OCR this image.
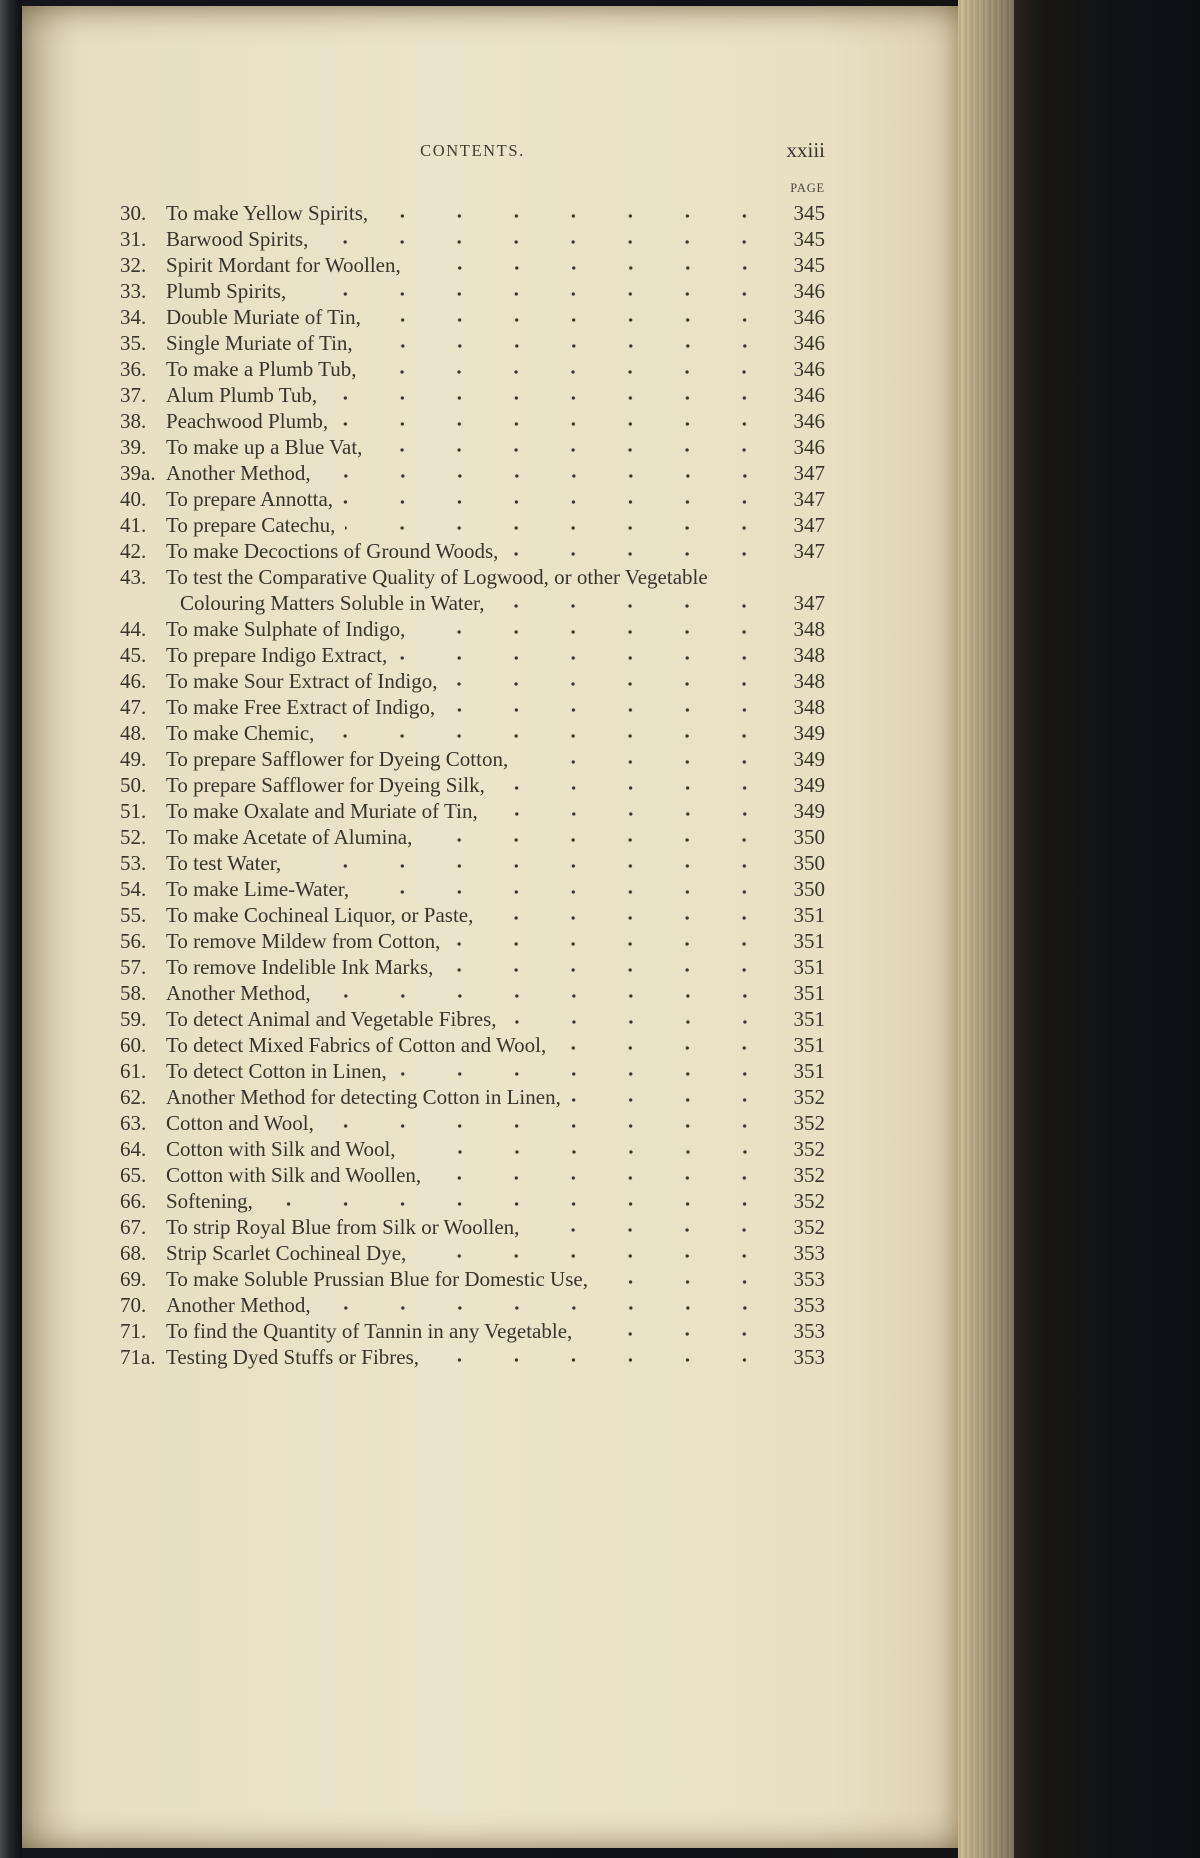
CONTENTS.	xxiii
PAGE
30. To make Yellow Spirits,	345
31. Barwood Spirits,	345
32. Spirit Mordant for Woollen,	345
33. Plumb Spirits,	346
34. Double Muriate of Tin,	346
35. Single Muriate of Tin,	346
36. To make a Plumb Tub,	346
37. Alum Plumb Tub,	346
38. Peachwood Plumb,	346
39. To make up a Blue Vat,	346
39a. Another Method,	347
40. To prepare Annotta,	347
41. To prepare Catechu,	347
42. To make Decoctions of Ground Woods,	347
43. To test the Comparative Quality of Logwood, or other Vegetable
Colouring Matters Soluble in Water,	347
44. To make Sulphate of Indigo,	348
45. To prepare Indigo Extract,	348
46. To make Sour Extract of Indigo,	348
47. To make Free Extract of Indigo,	348
48. To make Chemic,	349
49. To prepare Safflower for Dyeing Cotton,	349
50. To prepare Safflower for Dyeing Silk,	349
51. To make Oxalate and Muriate of Tin,	349
52. To make Acetate of Alumina,	350
53. To test Water,	350
54. To make Lime-Water,	350
55. To make Cochineal Liquor, or Paste,	351
56. To remove Mildew from Cotton,	351
57. To remove Indelible Ink Marks,	351
58. Another Method,	351
59. To detect Animal and Vegetable Fibres,	351
60. To detect Mixed Fabrics of Cotton and Wool,	351
61. To detect Cotton in Linen,	351
62. Another Method for detecting Cotton in Linen,	352
63. Cotton and Wool,	352
64. Cotton with Silk and Wool,	352
65. Cotton with Silk and Woollen,	352
66. Softening,	352
67. To strip Royal Blue from Silk or Woollen,	352
68. Strip Scarlet Cochineal Dye,	353
69. To make Soluble Prussian Blue for Domestic Use,	353
70. Another Method,	353
71. To find the Quantity of Tannin in any Vegetable,	353
71a. Testing Dyed Stuffs or Fibres,	353
